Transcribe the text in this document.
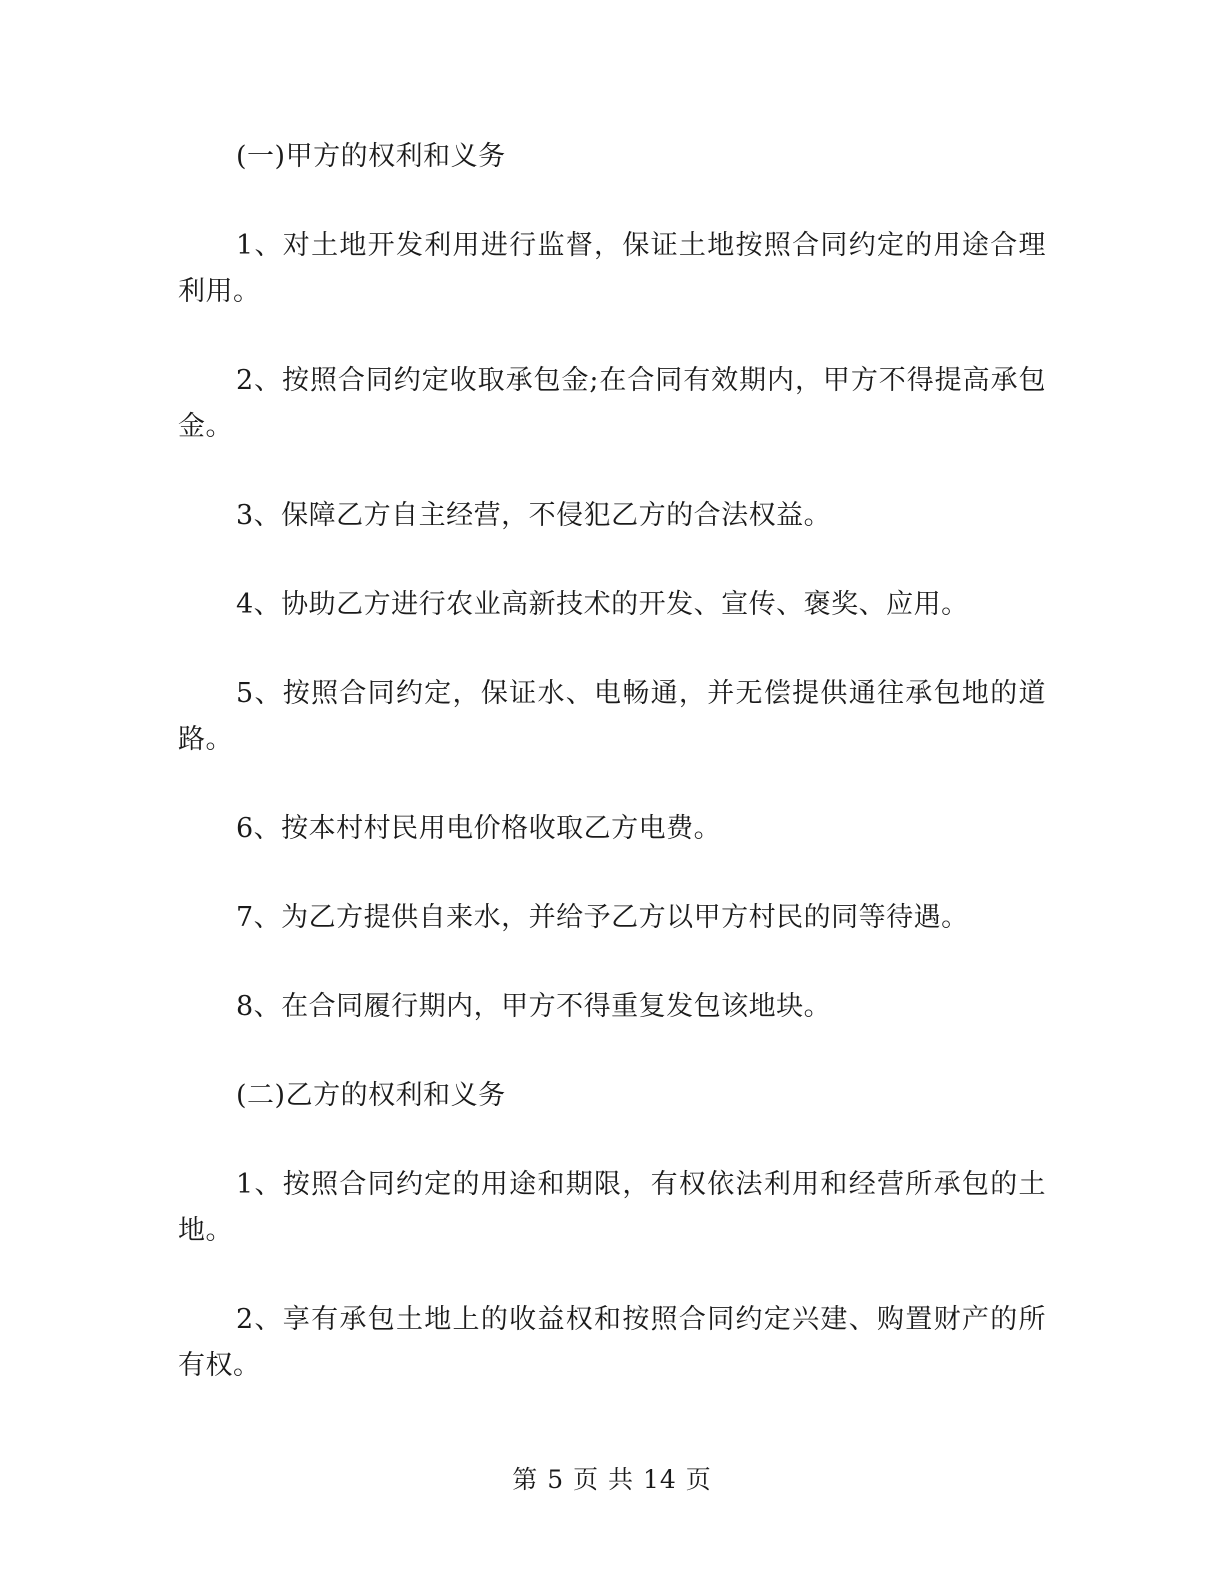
(一)甲方的权利和义务

1、对土地开发利用进行监督，保证土地按照合同约定的用途合理利用。

2、按照合同约定收取承包金;在合同有效期内，甲方不得提高承包金。

3、保障乙方自主经营，不侵犯乙方的合法权益。

4、协助乙方进行农业高新技术的开发、宣传、褒奖、应用。

5、按照合同约定，保证水、电畅通，并无偿提供通往承包地的道路。

6、按本村村民用电价格收取乙方电费。

7、为乙方提供自来水，并给予乙方以甲方村民的同等待遇。

8、在合同履行期内，甲方不得重复发包该地块。

(二)乙方的权利和义务

1、按照合同约定的用途和期限，有权依法利用和经营所承包的土地。

2、享有承包土地上的收益权和按照合同约定兴建、购置财产的所有权。

第 5 页 共 14 页
